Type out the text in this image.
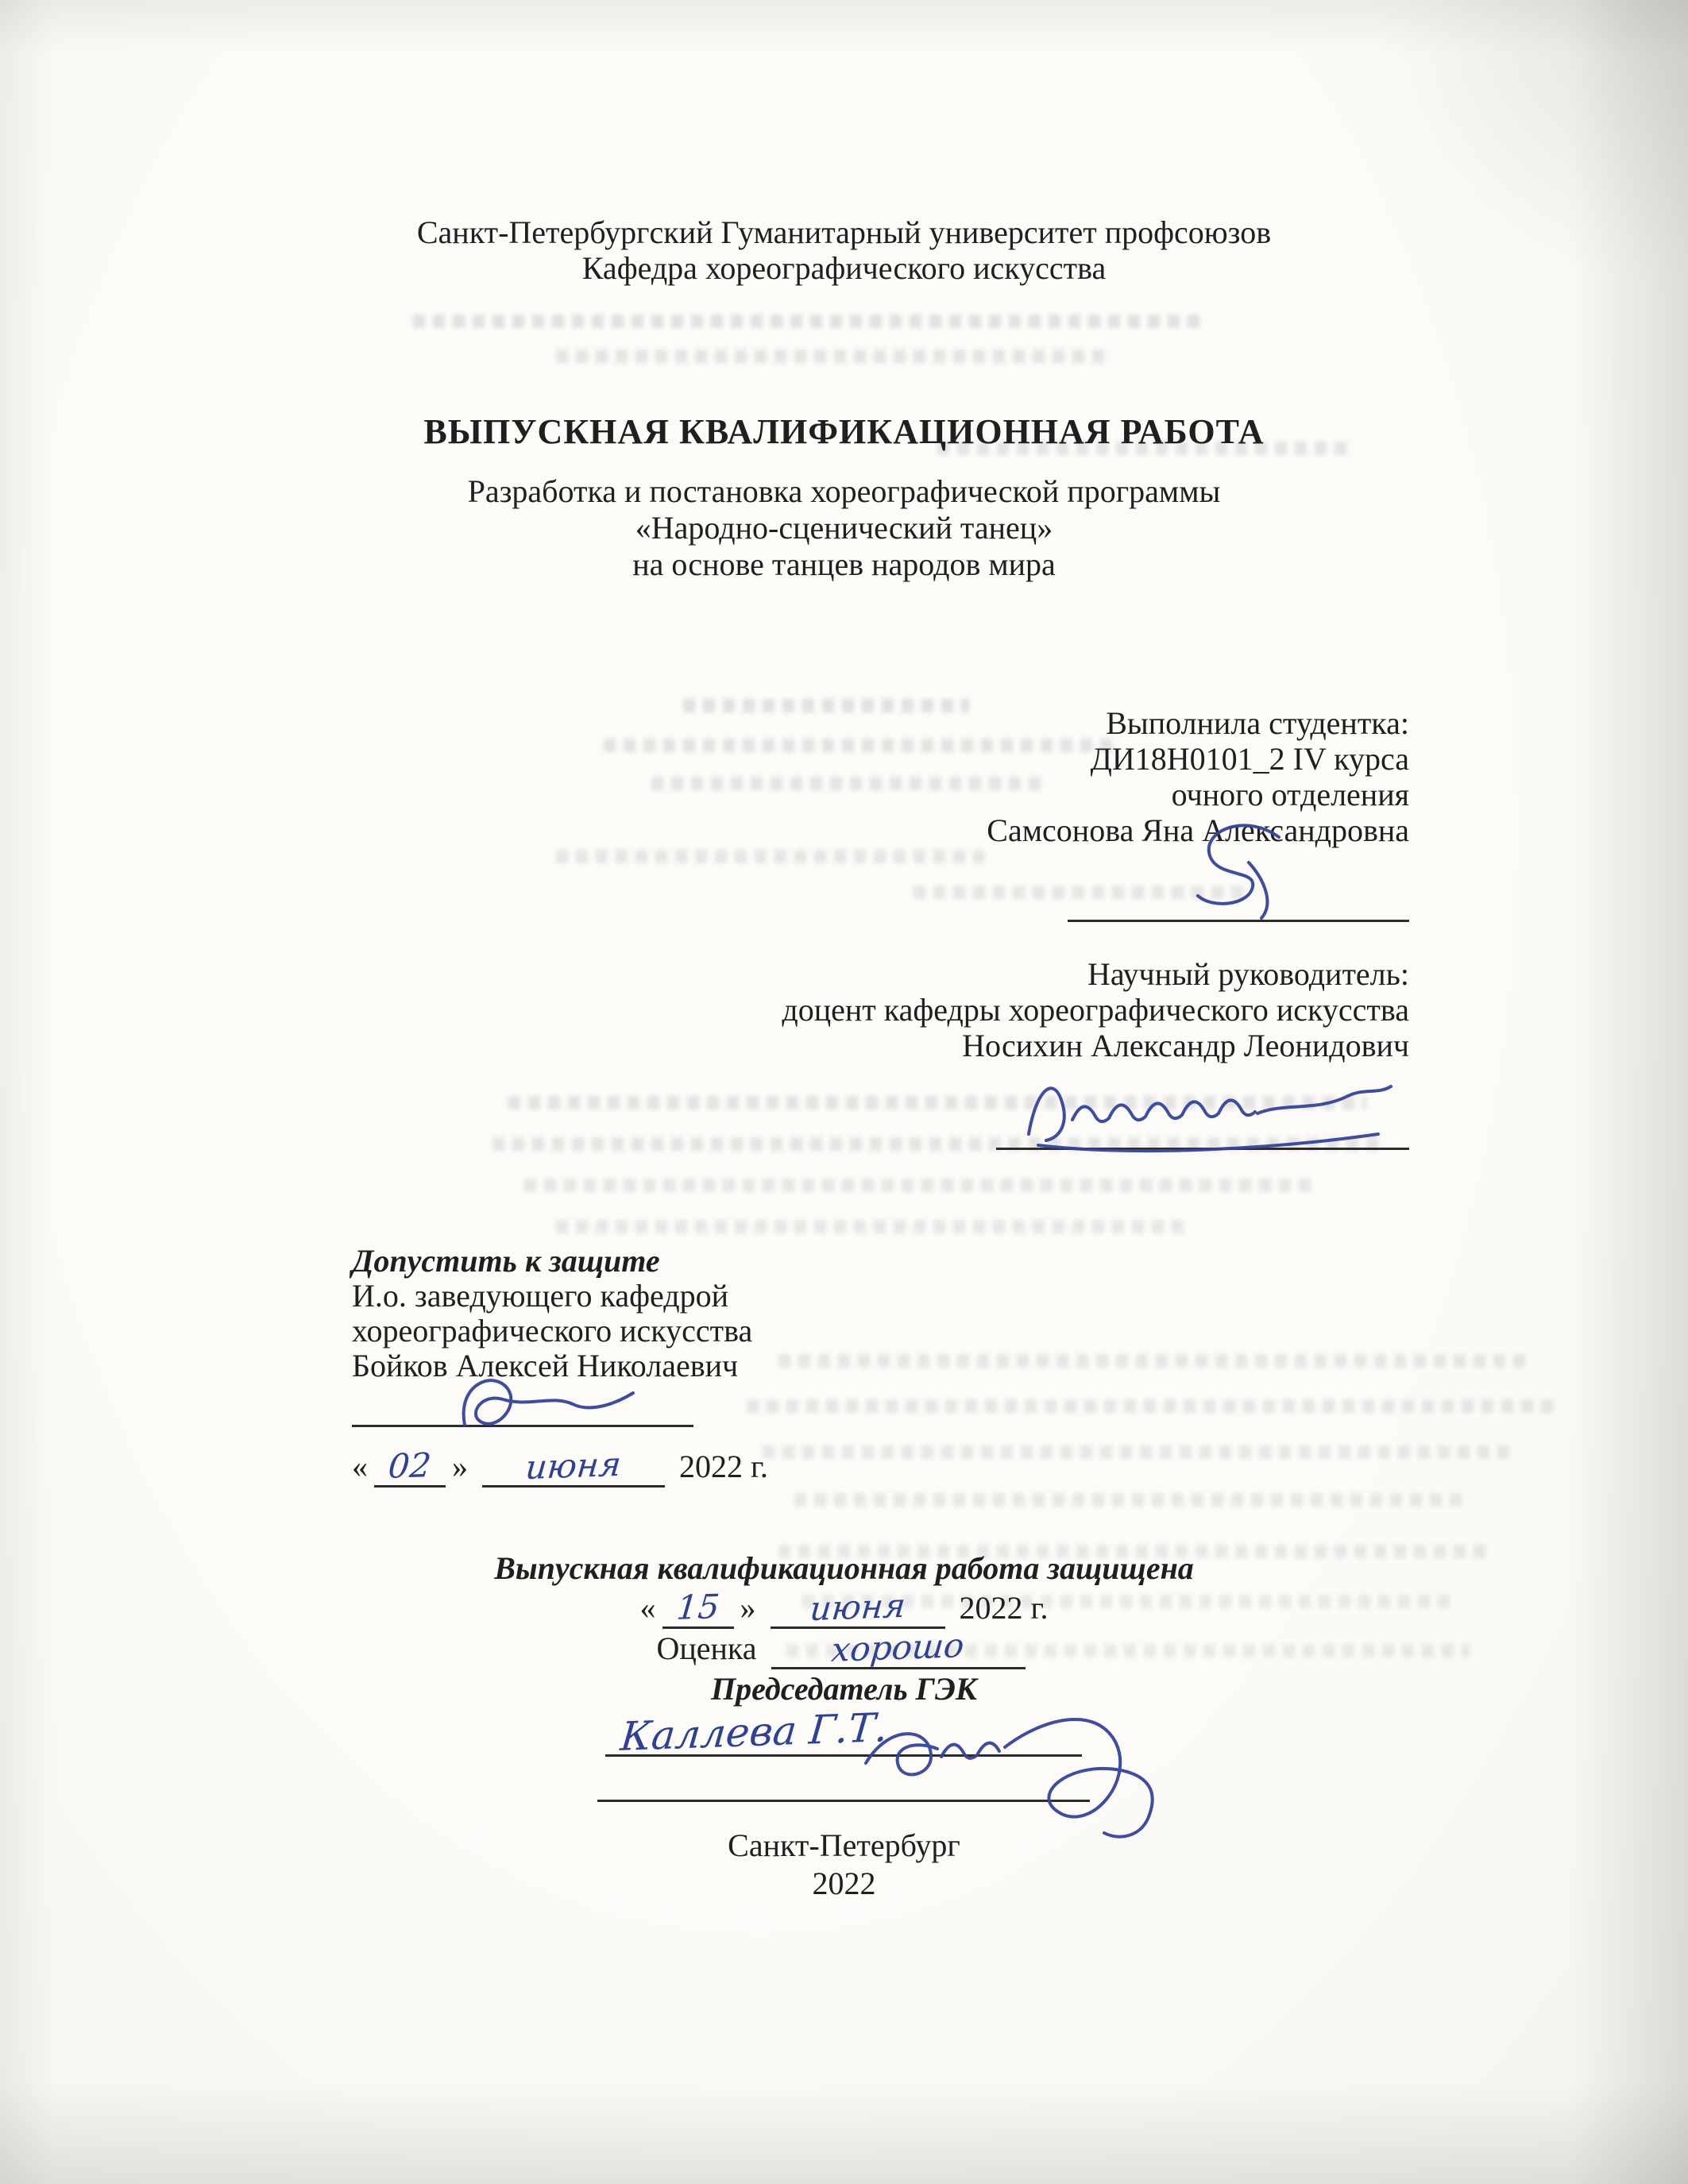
Санкт-Петербургский Гуманитарный университет профсоюзов
Кафедра хореографического искусства
ВЫПУСКНАЯ КВАЛИФИКАЦИОННАЯ РАБОТА
Разработка и постановка хореографической программы
«Народно-сценический танец»
на основе танцев народов мира
Выполнила студентка:
ДИ18Н0101_2 IV курса
очного отделения
Самсонова Яна Александровна
Научный руководитель:
доцент кафедры хореографического искусства
Носихин Александр Леонидович
Допустить к защите
И.о. заведующего кафедрой
хореографического искусства
Бойков Алексей Николаевич
« 02 » июня 2022 г.
Выпускная квалификационная работа защищена
« 15 » июня 2022 г.
Оценка хорошо
Председатель ГЭК
Каллева Г.Т.
Санкт-Петербург
2022
